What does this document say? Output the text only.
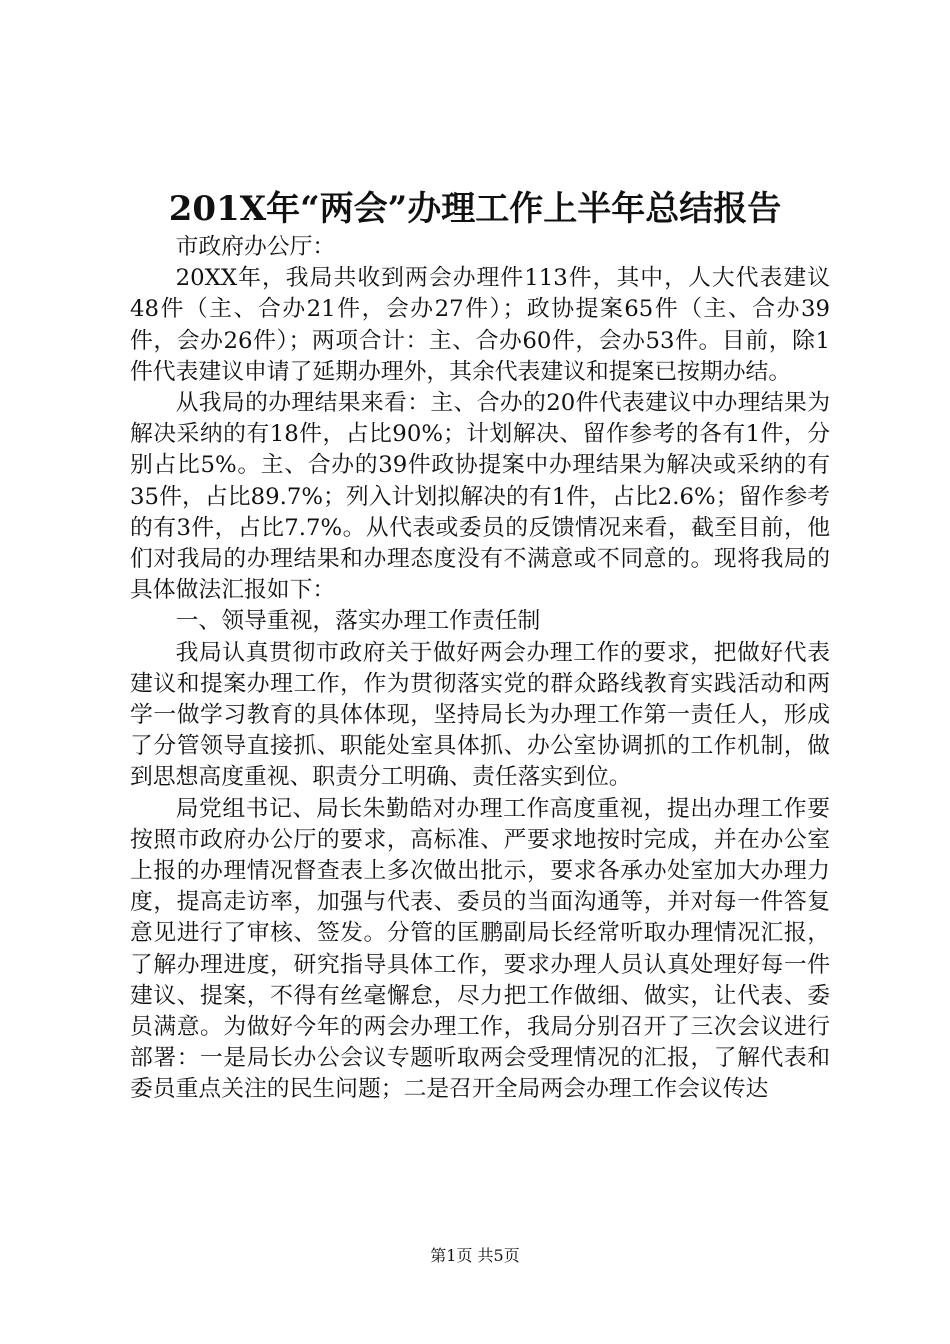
201X年“两会”办理工作上半年总结报告

市政府办公厅：

20XX年，我局共收到两会办理件113件，其中，人大代表建议48件（主、合办21件，会办27件）；政协提案65件（主、合办39件，会办26件）；两项合计：主、合办60件，会办53件。目前，除1件代表建议申请了延期办理外，其余代表建议和提案已按期办结。

从我局的办理结果来看：主、合办的20件代表建议中办理结果为解决采纳的有18件，占比90%；计划解决、留作参考的各有1件，分别占比5%。主、合办的39件政协提案中办理结果为解决或采纳的有35件，占比89.7%；列入计划拟解决的有1件，占比2.6%；留作参考的有3件，占比7.7%。从代表或委员的反馈情况来看，截至目前，他们对我局的办理结果和办理态度没有不满意或不同意的。现将我局的具体做法汇报如下：

一、领导重视，落实办理工作责任制

我局认真贯彻市政府关于做好两会办理工作的要求，把做好代表建议和提案办理工作，作为贯彻落实党的群众路线教育实践活动和两学一做学习教育的具体体现，坚持局长为办理工作第一责任人，形成了分管领导直接抓、职能处室具体抓、办公室协调抓的工作机制，做到思想高度重视、职责分工明确、责任落实到位。

局党组书记、局长朱勤皓对办理工作高度重视，提出办理工作要按照市政府办公厅的要求，高标准、严要求地按时完成，并在办公室上报的办理情况督查表上多次做出批示，要求各承办处室加大办理力度，提高走访率，加强与代表、委员的当面沟通等，并对每一件答复意见进行了审核、签发。分管的匡鹏副局长经常听取办理情况汇报，了解办理进度，研究指导具体工作，要求办理人员认真处理好每一件建议、提案，不得有丝毫懈怠，尽力把工作做细、做实，让代表、委员满意。为做好今年的两会办理工作，我局分别召开了三次会议进行部署：一是局长办公会议专题听取两会受理情况的汇报，了解代表和委员重点关注的民生问题；二是召开全局两会办理工作会议传达

第1页 共5页
